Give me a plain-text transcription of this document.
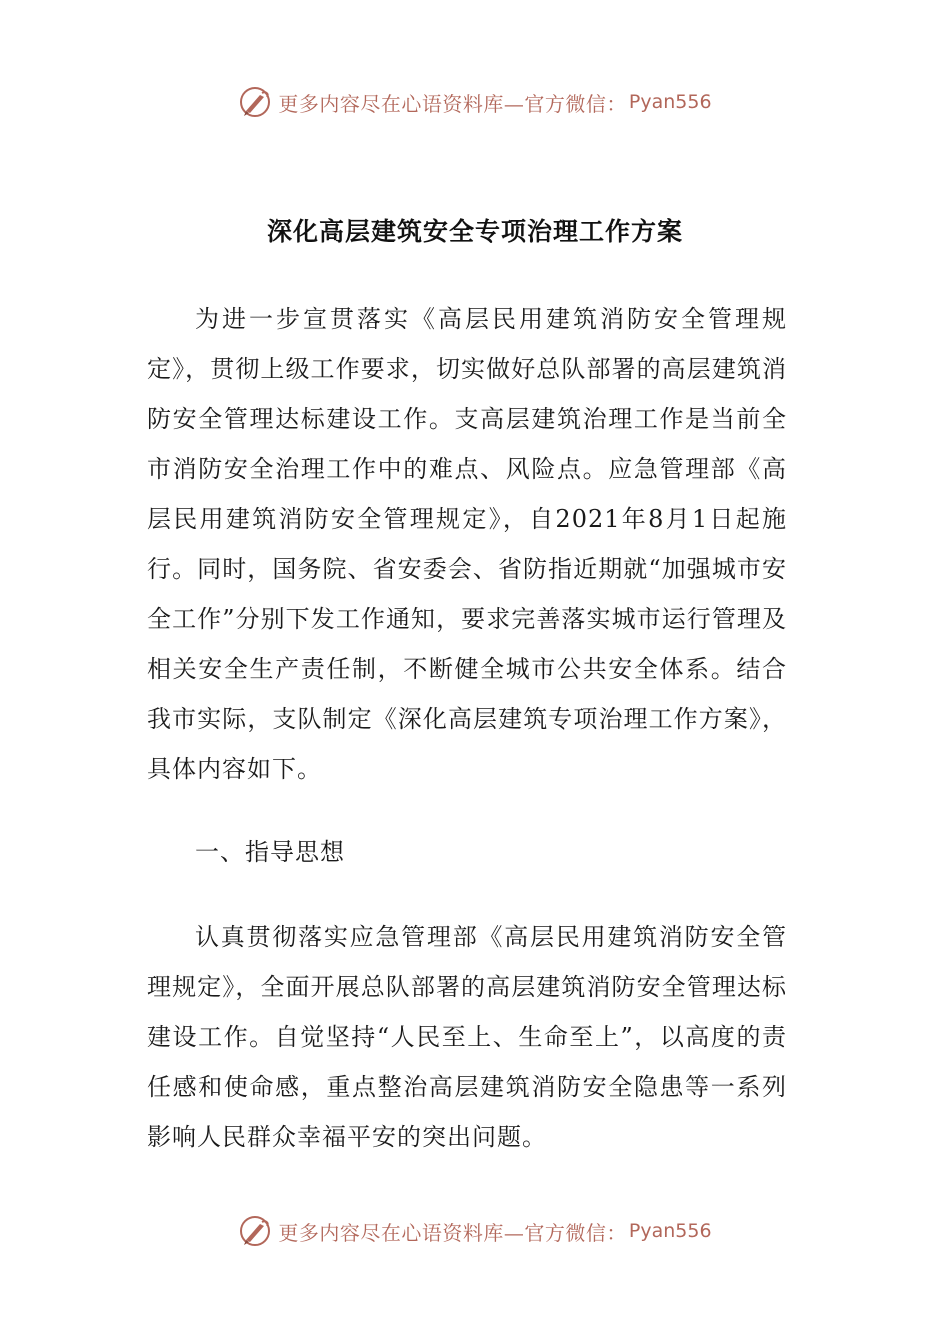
更多内容尽在心语资料库—官方微信： Pyan556
深化高层建筑安全专项治理工作方案

为进一步宣贯落实《高层民用建筑消防安全管理规定》，贯彻上级工作要求，切实做好总队部署的高层建筑消防安全管理达标建设工作。支高层建筑治理工作是当前全市消防安全治理工作中的难点、风险点。应急管理部《高层民用建筑消防安全管理规定》，自2021年8月1日起施行。同时，国务院、省安委会、省防指近期就“加强城市安全工作”分别下发工作通知，要求完善落实城市运行管理及相关安全生产责任制，不断健全城市公共安全体系。结合我市实际，支队制定《深化高层建筑专项治理工作方案》，具体内容如下。

一、指导思想

认真贯彻落实应急管理部《高层民用建筑消防安全管理规定》，全面开展总队部署的高层建筑消防安全管理达标建设工作。自觉坚持“人民至上、生命至上”，以高度的责任感和使命感，重点整治高层建筑消防安全隐患等一系列影响人民群众幸福平安的突出问题。

更多内容尽在心语资料库—官方微信： Pyan556
